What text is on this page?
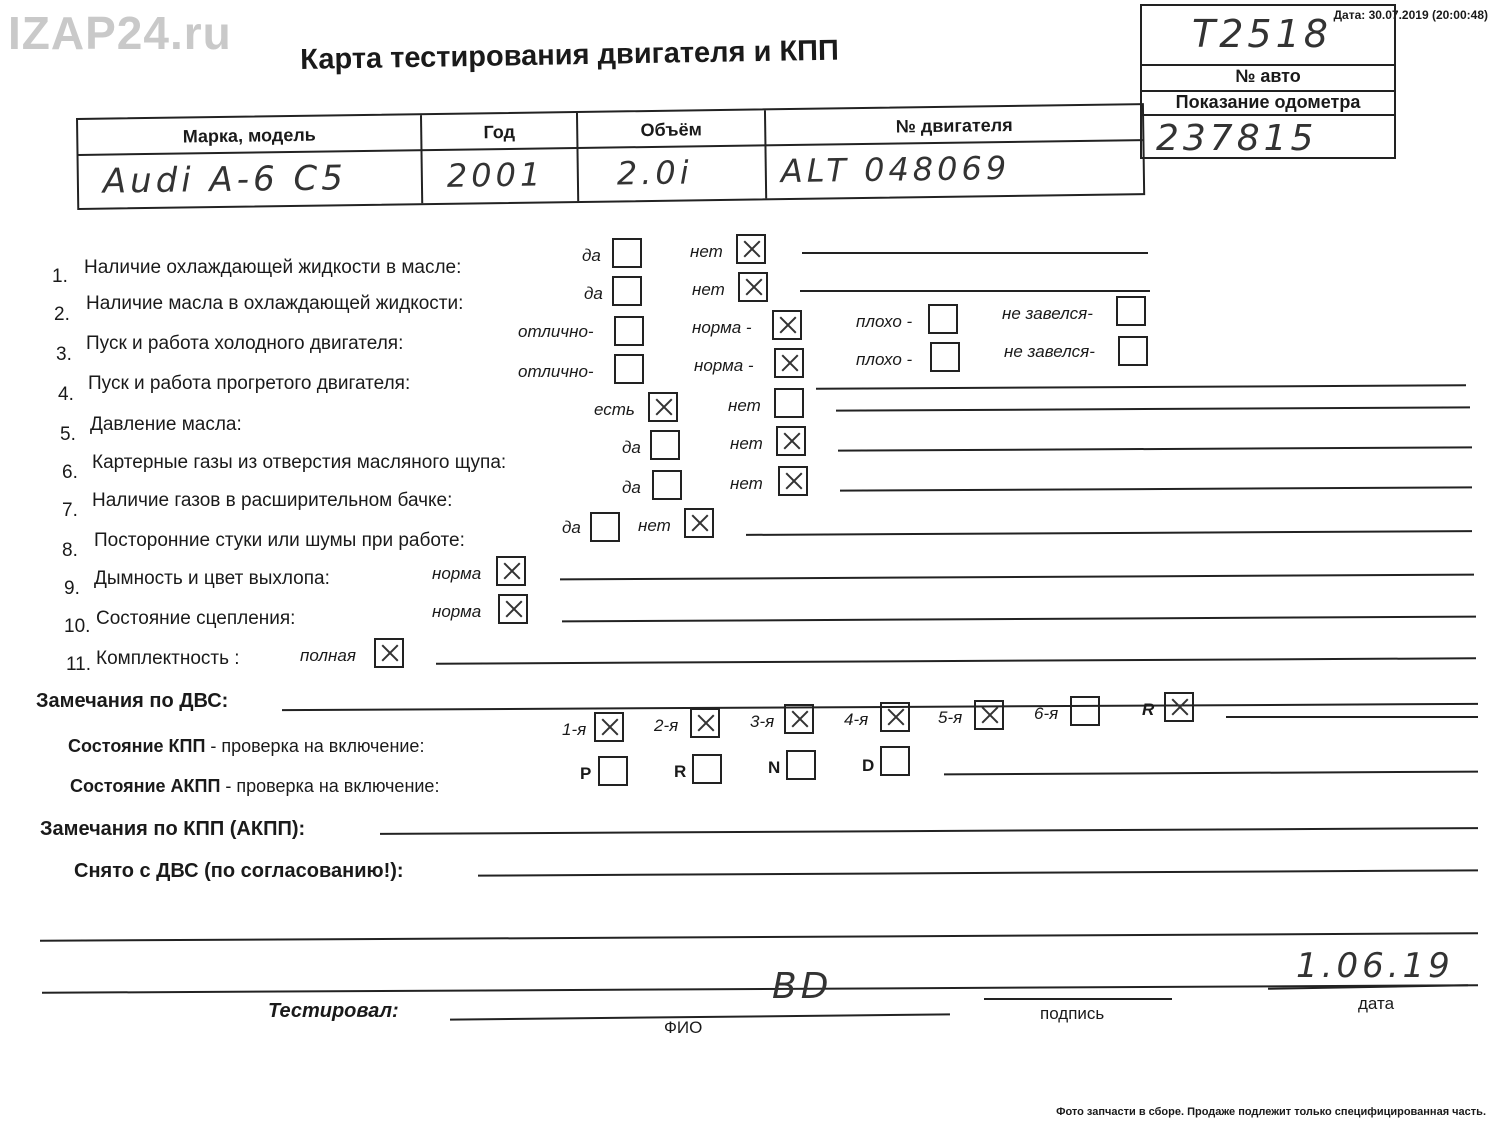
IZAP24.ru	Дата: 30.07.2019 (20:00:48)
Фото запчасти в сборе. Продаже подлежит только специфицированная часть.
Карта тестирования двигателя и КПП	T2518
№ авто
Показание одометра
237815
Марка, модель	Год	Объём	№ двигателя
Audi A-6 C5	2001 2.0i	ALT 048069
1. Наличие охлаждающей жидкости в масле:
да	нет
2.
Наличие масла в охлаждающей жидкости:	да	нет
3.
Пуск и работа холодного двигателя:
отлично-	норма -	плохо -	не завелся-
4.
Пуск и работа прогретого двигателя:
отлично-	норма -	плохо -	не завелся-
5. Давление масла:
есть	нет
6. Картерные газы из отверстия масляного щупа:
да	нет
7. Наличие газов в расширительном бачке:
да	нет
8. Посторонние стуки или шумы при работе:
да	нет
9. Дымность и цвет выхлопа:	норма
10. Состояние сцепления:	норма
11. Комплектность :	полная
Замечания по ДВС:
Состояние КПП - проверка на включение:
1-я	2-я	3-я	4-я	5-я	6-я	R
Состояние АКПП - проверка на включение:
P	R	N	D
Замечания по КПП (АКПП):
Снято с ДВС (по согласованию!):
Тестировал:
BD
ФИО
подпись
1.06.19
дата
